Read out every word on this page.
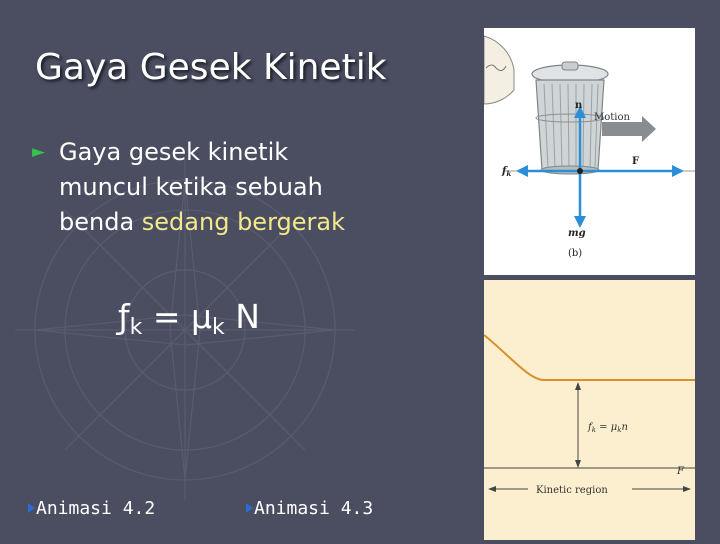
Gaya Gesek Kinetik
► Gaya gesek kinetik
muncul ketika sebuah
benda sedang bergerak
$ƒ_k = \mu_k$ N
Animasi 4.2	Animasi 4.3
Motion
n
$f_k$
F
mg
(b)
$f_k = \mu_kn$
F
Kinetic region
